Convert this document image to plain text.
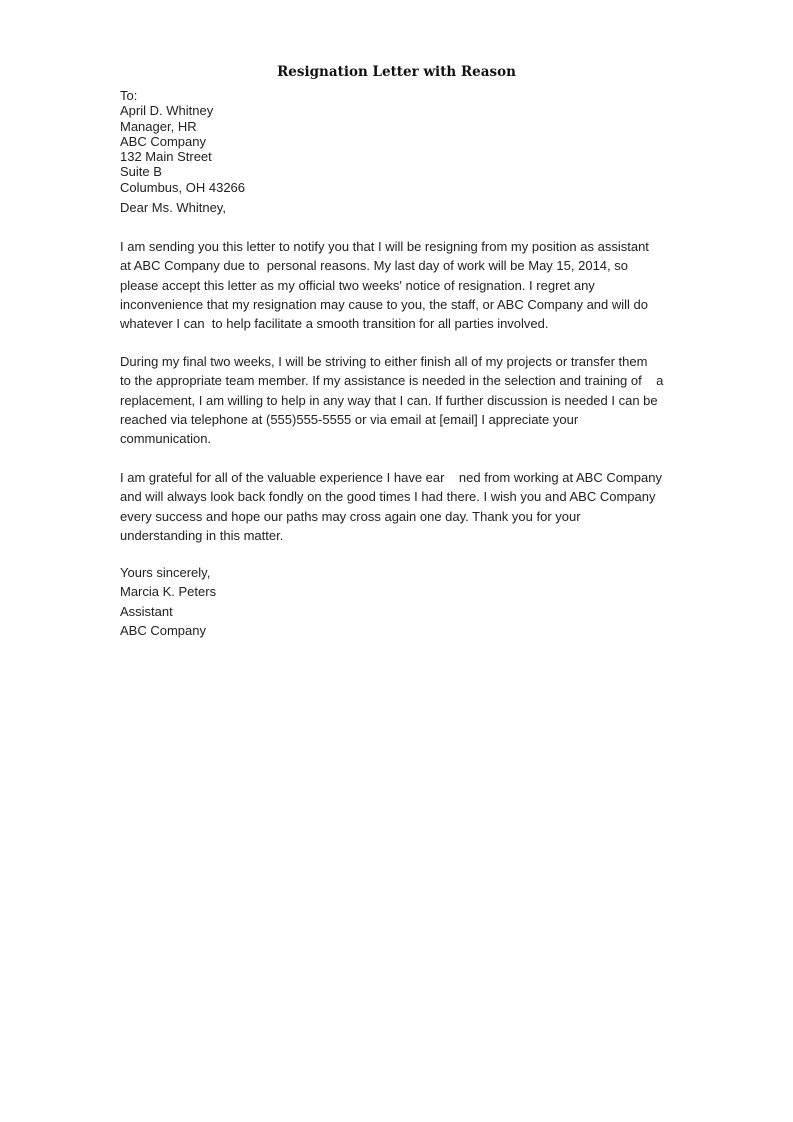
Resignation Letter with Reason
To:
April D. Whitney
Manager, HR
ABC Company
132 Main Street
Suite B
Columbus, OH 43266
Dear Ms. Whitney,
I am sending you this letter to notify you that I will be resigning from my position as assistant
at ABC Company due to  personal reasons. My last day of work will be May 15, 2014, so
please accept this letter as my official two weeks' notice of resignation. I regret any
inconvenience that my resignation may cause to you, the staff, or ABC Company and will do
whatever I can  to help facilitate a smooth transition for all parties involved.
During my final two weeks, I will be striving to either finish all of my projects or transfer them
to the appropriate team member. If my assistance is needed in the selection and training of    a
replacement, I am willing to help in any way that I can. If further discussion is needed I can be
reached via telephone at (555)555-5555 or via email at [email] I appreciate your
communication.
I am grateful for all of the valuable experience I have ear    ned from working at ABC Company
and will always look back fondly on the good times I had there. I wish you and ABC Company
every success and hope our paths may cross again one day. Thank you for your
understanding in this matter.
Yours sincerely,
Marcia K. Peters
Assistant
ABC Company
